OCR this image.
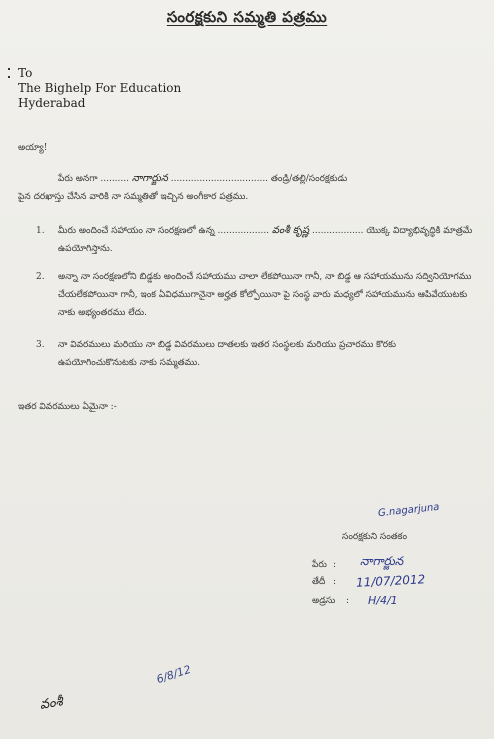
సంరక్షకుని సమ్మతి పత్రము
To
The Bighelp For Education
Hyderabad
అయ్యా!
పేరు అనగా .......... నాగార్జున .................................. తండ్రి/తల్లి/సంరక్షకుడు
పైన దరఖాస్తు చేసిన వారికి నా సమ్మతితో ఇచ్చిన అంగీకార పత్రము.
1. మీరు అందించే సహాయం నా సంరక్షణలో ఉన్న .................. వంశీ కృష్ణ .................. యొక్క విద్యాభివృద్ధికి మాత్రమే ఉపయోగిస్తాను.
2. అన్నా నా సంరక్షణలోని బిడ్డకు అందించే సహాయము చాలా లేకపోయినా గానీ, నా బిడ్డ ఆ సహాయమును సద్వినియోగము చేయలేకపోయినా గానీ, ఇంక ఏవిధముగానైనా అర్హత కోల్పోయినా పై సంస్థ వారు మధ్యలో సహాయమును ఆపివేయుటకు నాకు అభ్యంతరము లేదు.
3. నా వివరములు మరియు నా బిడ్డ వివరములు దాతలకు ఇతర సంస్థలకు మరియు ప్రచారము కొరకు ఉపయోగించుకొనుటకు నాకు సమ్మతము.
ఇతర వివరములు ఏమైనా :-
G.nagarjuna
సంరక్షకుని సంతకం
పేరు : నాగార్జున
తేదీ : 11/07/2012
అడ్రసు : H/4/1
6/8/12
వంశీ
